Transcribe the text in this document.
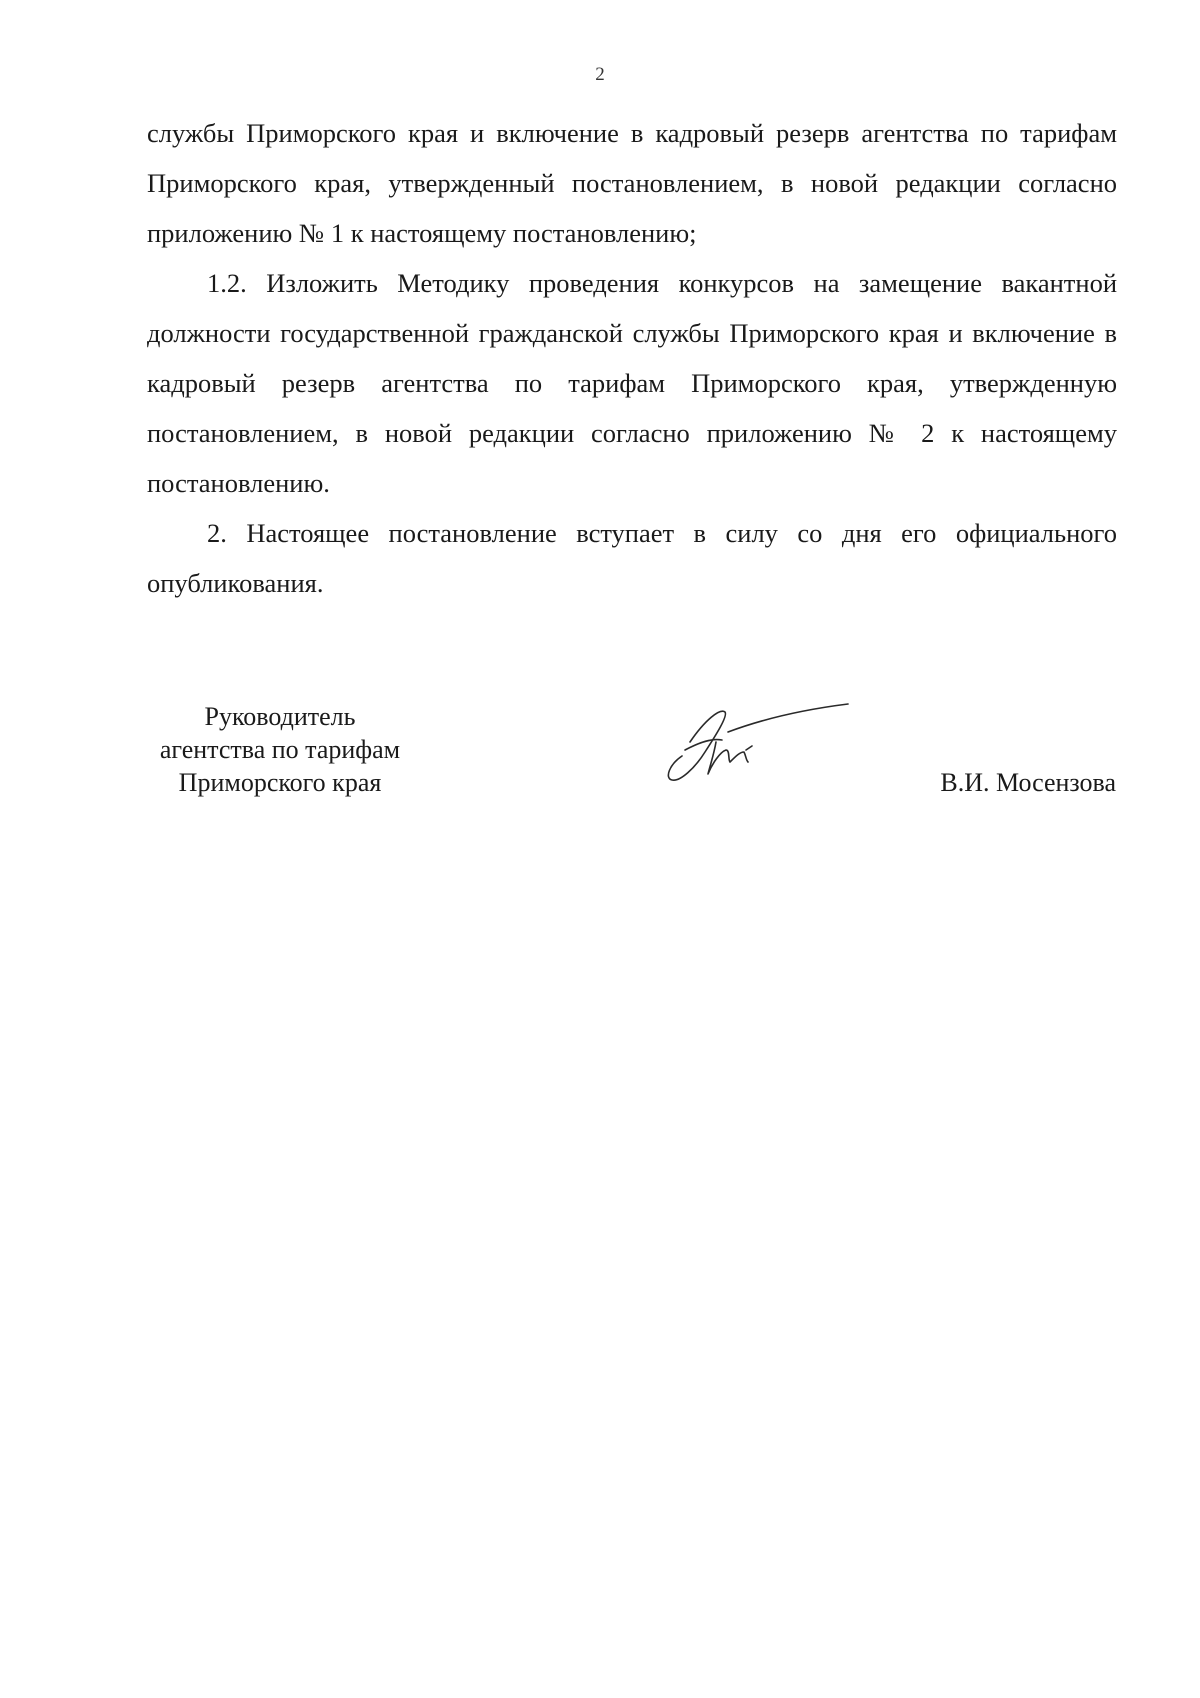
2

службы Приморского края и включение в кадровый резерв агентства по тарифам Приморского края, утвержденный постановлением, в новой редакции согласно приложению № 1 к настоящему постановлению;

1.2. Изложить Методику проведения конкурсов на замещение вакантной должности государственной гражданской службы Приморского края и включение в кадровый резерв агентства по тарифам Приморского края, утвержденную постановлением, в новой редакции согласно приложению № 2 к настоящему постановлению.

2. Настоящее постановление вступает в силу со дня его официального опубликования.

Руководитель
агентства по тарифам
Приморского края	В.И. Мосензова
